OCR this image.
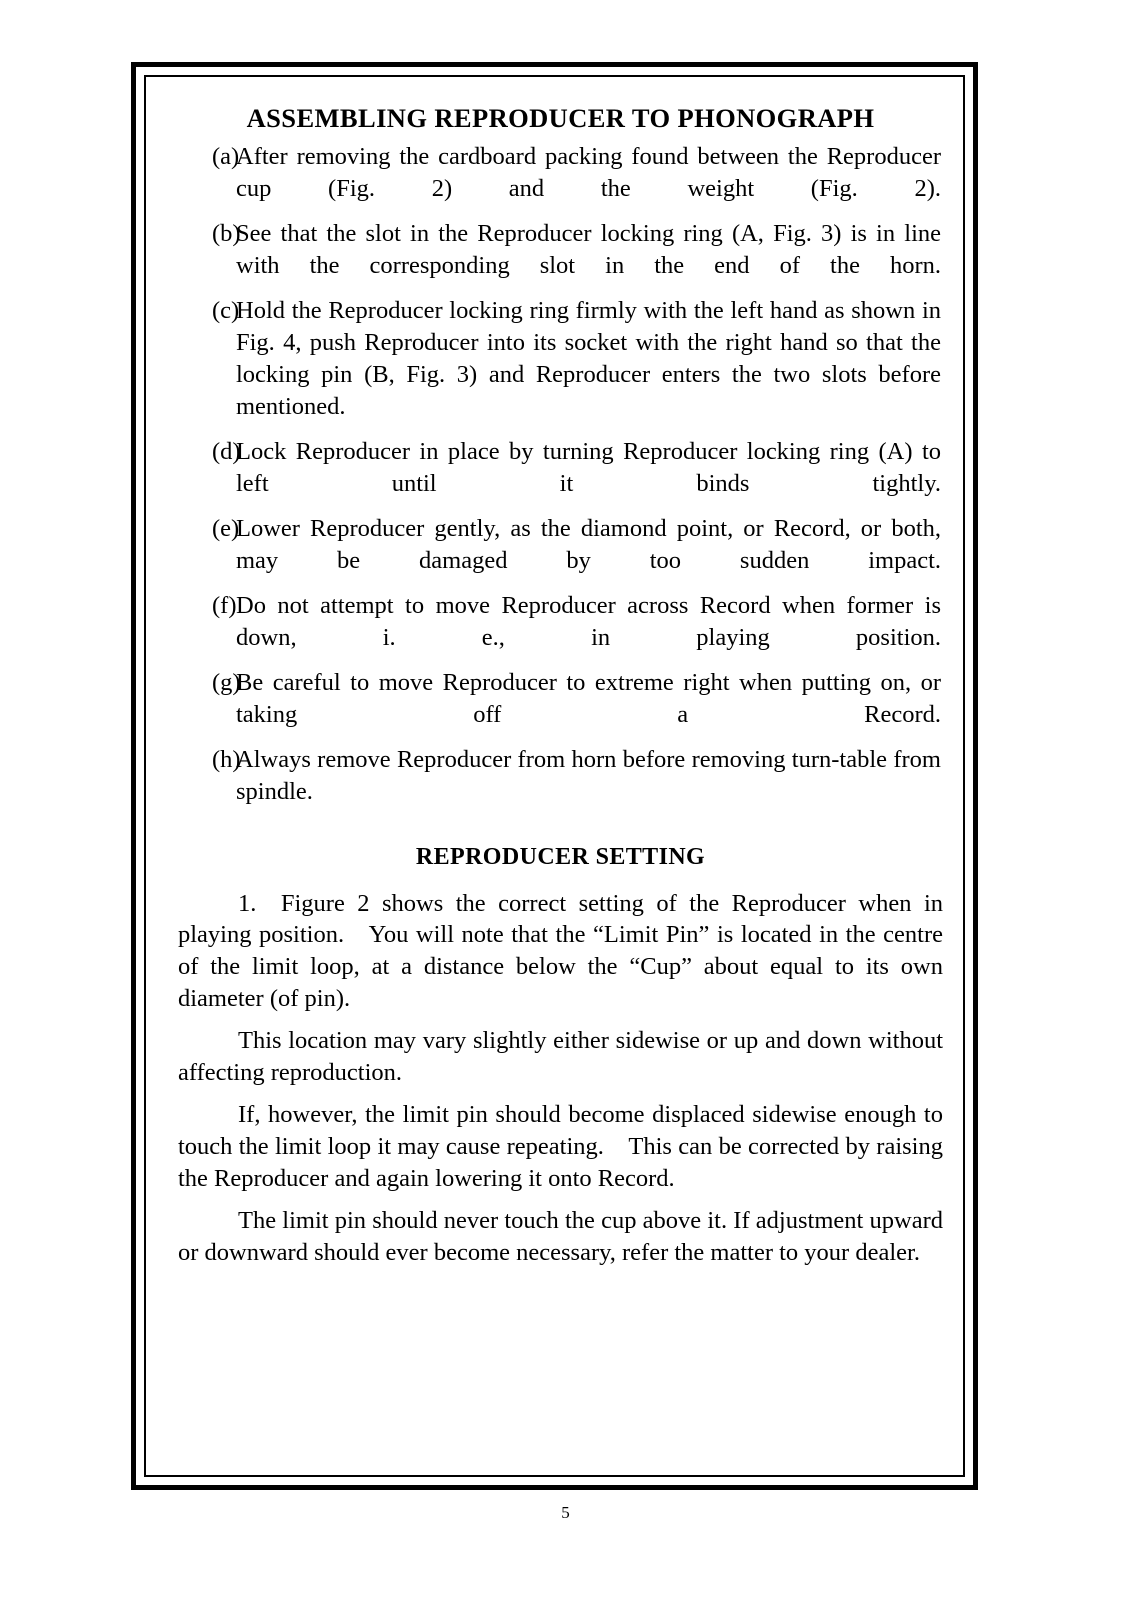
ASSEMBLING REPRODUCER TO PHONOGRAPH
(a)
After removing the cardboard packing found between the Reproducer cup (Fig. 2) and the weight (Fig. 2).
(b)
See that the slot in the Reproducer locking ring (A, Fig. 3) is in line with the corresponding slot in the end of the horn.
(c)
Hold the Reproducer locking ring firmly with the left hand as shown in Fig. 4, push Reproducer into its socket with the right hand so that the locking pin (B, Fig. 3) and Reproducer enters the two slots before mentioned.
(d)
Lock Reproducer in place by turning Reproducer locking ring (A) to left until it binds tightly.
(e)
Lower Reproducer gently, as the diamond point, or Record, or both, may be damaged by too sudden impact.
(f) Do not attempt to move Reproducer across Record when former is down, i. e., in playing position.
(g)
Be careful to move Reproducer to extreme right when putting on, or taking off a Record.
(h)
Always remove Reproducer from horn before removing turn-table from spindle.
REPRODUCER SETTING

1. Figure 2 shows the correct setting of the Reproducer when in playing position. You will note that the “Limit Pin” is located in the centre of the limit loop, at a distance below the “Cup” about equal to its own diameter (of pin).

This location may vary slightly either sidewise or up and down without affecting reproduction.

If, however, the limit pin should become displaced sidewise enough to touch the limit loop it may cause repeating. This can be corrected by raising the Reproducer and again lowering it onto Record.

The limit pin should never touch the cup above it. If adjustment upward or downward should ever become necessary, refer the matter to your dealer.

5
